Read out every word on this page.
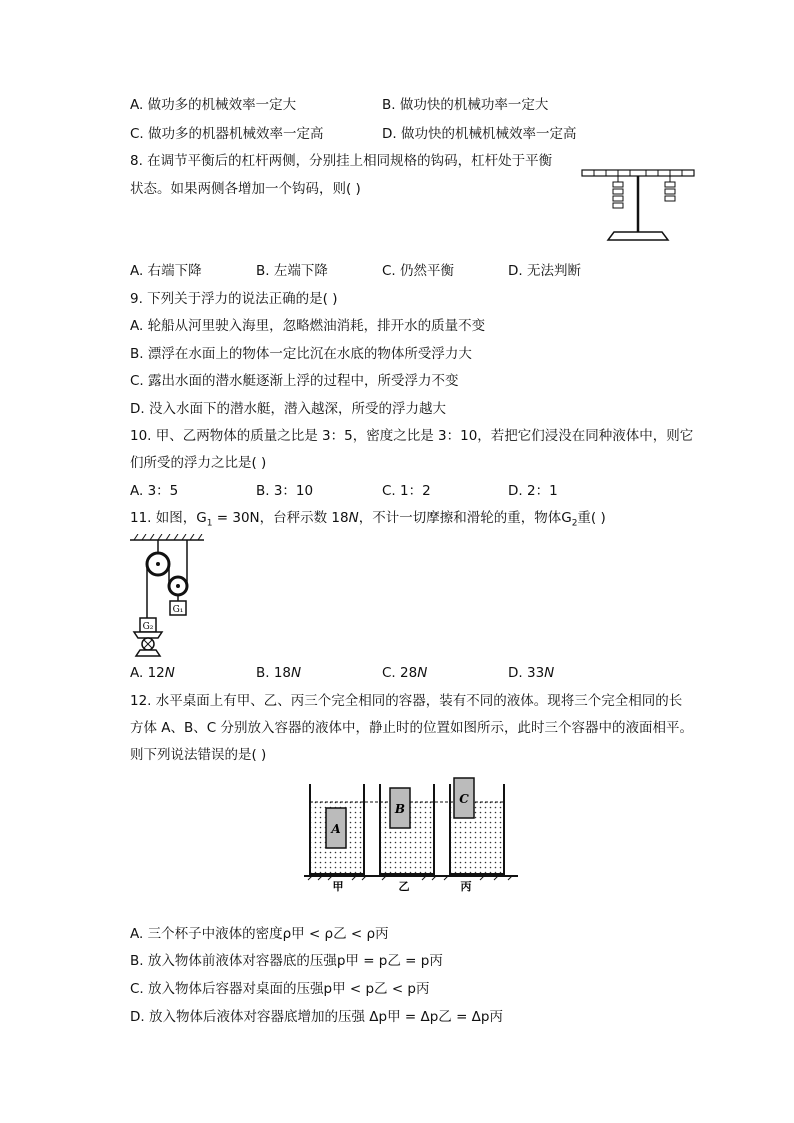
A. 做功多的机械效率一定大	B. 做功快的机械功率一定大
C. 做功多的机器机械效率一定高	D. 做功快的机械机械效率一定高
8. 在调节平衡后的杠杆两侧，分别挂上相同规格的钩码，杠杆处于平衡
状态。如果两侧各增加一个钩码，则( )
A. 右端下降	B. 左端下降	C. 仍然平衡	D. 无法判断
9. 下列关于浮力的说法正确的是( )
A. 轮船从河里驶入海里，忽略燃油消耗，排开水的质量不变
B. 漂浮在水面上的物体一定比沉在水底的物体所受浮力大
C. 露出水面的潜水艇逐渐上浮的过程中，所受浮力不变
D. 没入水面下的潜水艇，潜入越深，所受的浮力越大
10. 甲、乙两物体的质量之比是 3：5，密度之比是 3：10，若把它们浸没在同种液体中，则它
们所受的浮力之比是( )
A. 3：5	B. 3：10	C. 1：2	D. 2：1
11. 如图，$G_1 = 30N$，台秤示数 18N，不计一切摩擦和滑轮的重，物体$G_2$重( )
G₁
G₂
A. 12N	B. 18N	C. 28N	D. 33N
12. 水平桌面上有甲、乙、丙三个完全相同的容器，装有不同的液体。现将三个完全相同的长
方体 A、B、C 分别放入容器的液体中，静止时的位置如图所示，此时三个容器中的液面相平。
则下列说法错误的是( )
A
B
C
甲	乙	丙
A. 三个杯子中液体的密度ρ甲 < ρ乙 < ρ丙
B. 放入物体前液体对容器底的压强p甲 = p乙 = p丙
C. 放入物体后容器对桌面的压强p甲 < p乙 < p丙
D. 放入物体后液体对容器底增加的压强 Δp甲 = Δp乙 = Δp丙
